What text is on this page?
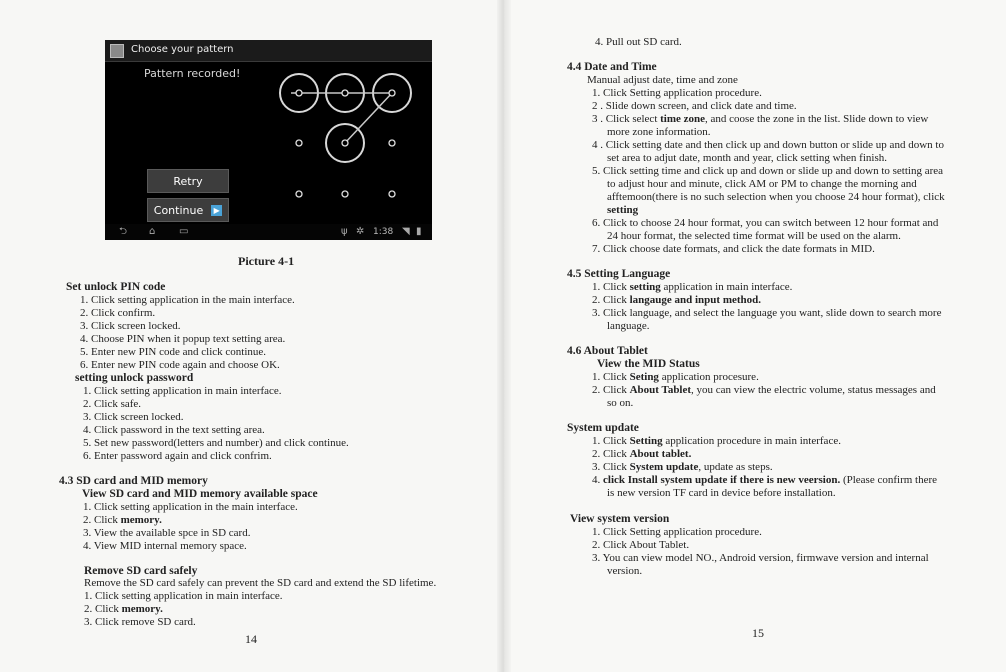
Choose your pattern
Pattern recorded!
Retry
Continue	▶
⮌ ⌂ ▭	ψ ✲ 1:38 ◥ ▮
Picture 4-1
Set unlock PIN code
1. Click setting application in the main interface.
2. Click confirm.
3. Click screen locked.
4. Choose PIN when it popup text setting area.
5. Enter new PIN code and click continue.
6. Enter new PIN code again and choose OK.
setting unlock password
1. Click setting application in main interface.
2. Click safe.
3. Click screen locked.
4. Click password in the text setting area.
5. Set new password(letters and number) and click continue.
6. Enter password again and click confrim.
4.3 SD card and MID memory
View SD card and MID memory available space
1. Click setting application in the main interface.
2. Click memory.
3. View the available spce in SD card.
4. View MID internal memory space.
Remove SD card safely
Remove the SD card safely can prevent the SD card and extend the SD lifetime.
1. Click setting application in main interface.
2. Click memory.
3. Click remove SD card.
14
4. Pull out SD card.
4.4 Date and Time
Manual adjust date, time and zone
1. Click Setting application procedure.
2 . Slide down screen, and click date and time.
3 . Click select time zone, and coose the zone in the list. Slide down to view
more zone information.
4 . Click setting date and then click up and down button or slide up and down to
set area to adjut date, month and year, click setting when finish.
5. Click setting time and click up and down or slide up and down to setting area
to adjust hour and minute, click AM or PM to change the morning and
afftemoon(there is no such selection when you choose 24 hour format), click
setting
6. Click to choose 24 hour format, you can switch between 12 hour format and
24 hour format, the selected time format will be used on the alarm.
7. Click choose date formats, and click the date formats in MID.
4.5 Setting Language
1. Click setting application in main interface.
2. Click langauge and input method.
3. Click language, and select the language you want, slide down to search more
language.
4.6 About Tablet
View the MID Status
1. Click Seting application procesure.
2. Click About Tablet, you can view the electric volume, status messages and
so on.
System update
1. Click Setting application procedure in main interface.
2. Click About tablet.
3. Click System update, update as steps.
4. click Install system update if there is new veersion. (Please confirm there
is new version TF card in device before installation.
View system version
1. Click Setting application procedure.
2. Click About Tablet.
3. You can view model NO., Android version, firmwave version and internal
version.
15
